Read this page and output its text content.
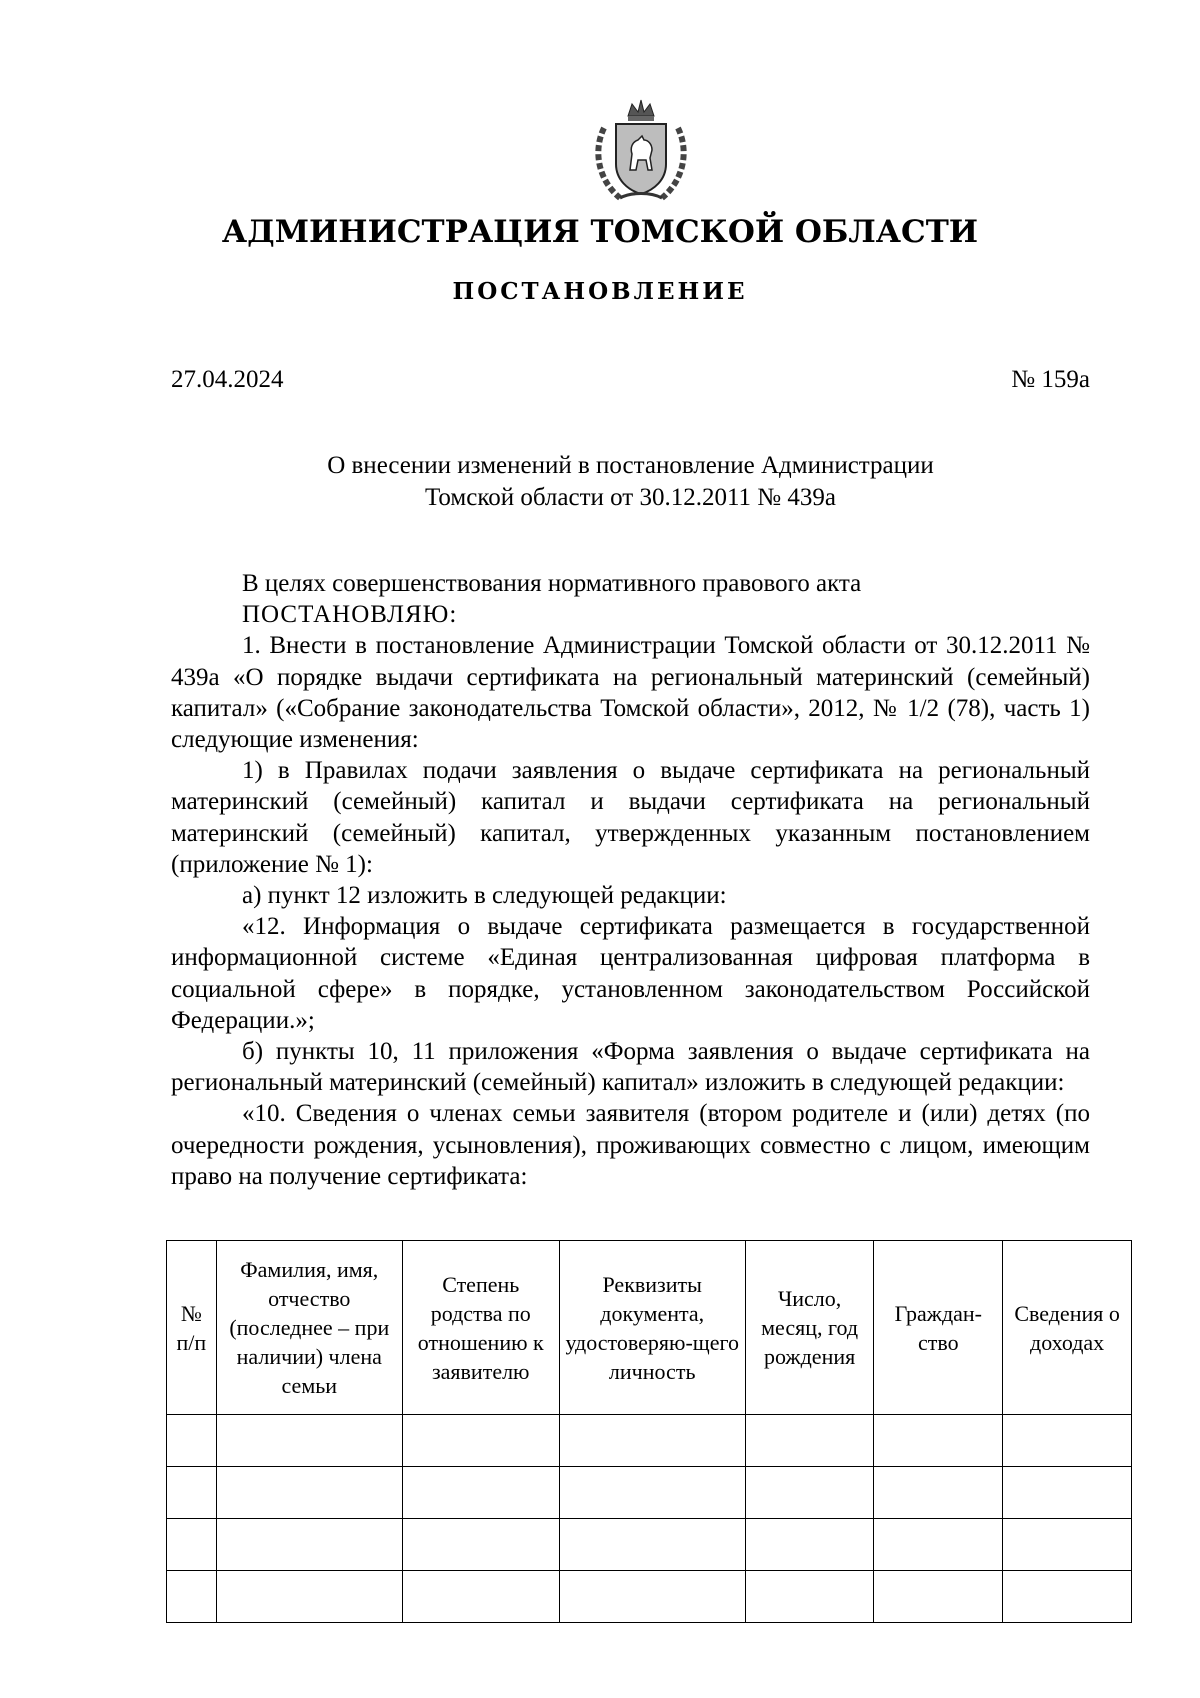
АДМИНИСТРАЦИЯ ТОМСКОЙ ОБЛАСТИ
ПОСТАНОВЛЕНИЕ
27.04.2024	№ 159а
О внесении изменений в постановление Администрации
Томской области от 30.12.2011 № 439а

В целях совершенствования нормативного правового акта

ПОСТАНОВЛЯЮ:

1. Внести в постановление Администрации Томской области от 30.12.2011 № 439а «О порядке выдачи сертификата на региональный материнский (семейный) капитал» («Собрание законодательства Томской области», 2012, № 1/2 (78), часть 1) следующие изменения:

1) в Правилах подачи заявления о выдаче сертификата на региональный материнский (семейный) капитал и выдачи сертификата на региональный материнский (семейный) капитал, утвержденных указанным постановлением (приложение № 1):

а) пункт 12 изложить в следующей редакции:

«12. Информация о выдаче сертификата размещается в государственной информационной системе «Единая централизованная цифровая платформа в социальной сфере» в порядке, установленном законодательством Российской Федерации.»;

б) пункты 10, 11 приложения «Форма заявления о выдаче сертификата на региональный материнский (семейный) капитал» изложить в следующей редакции:

«10. Сведения о членах семьи заявителя (втором родителе и (или) детях (по очередности рождения, усыновления), проживающих совместно с лицом, имеющим право на получение сертификата:

№ п/п	Фамилия, имя, отчество (последнее – при наличии) члена семьи	Степень родства по отношению к заявителю	Реквизиты документа, удостоверяю-щего личность	Число, месяц, год рождения	Граждан-ство	Сведения о доходах
